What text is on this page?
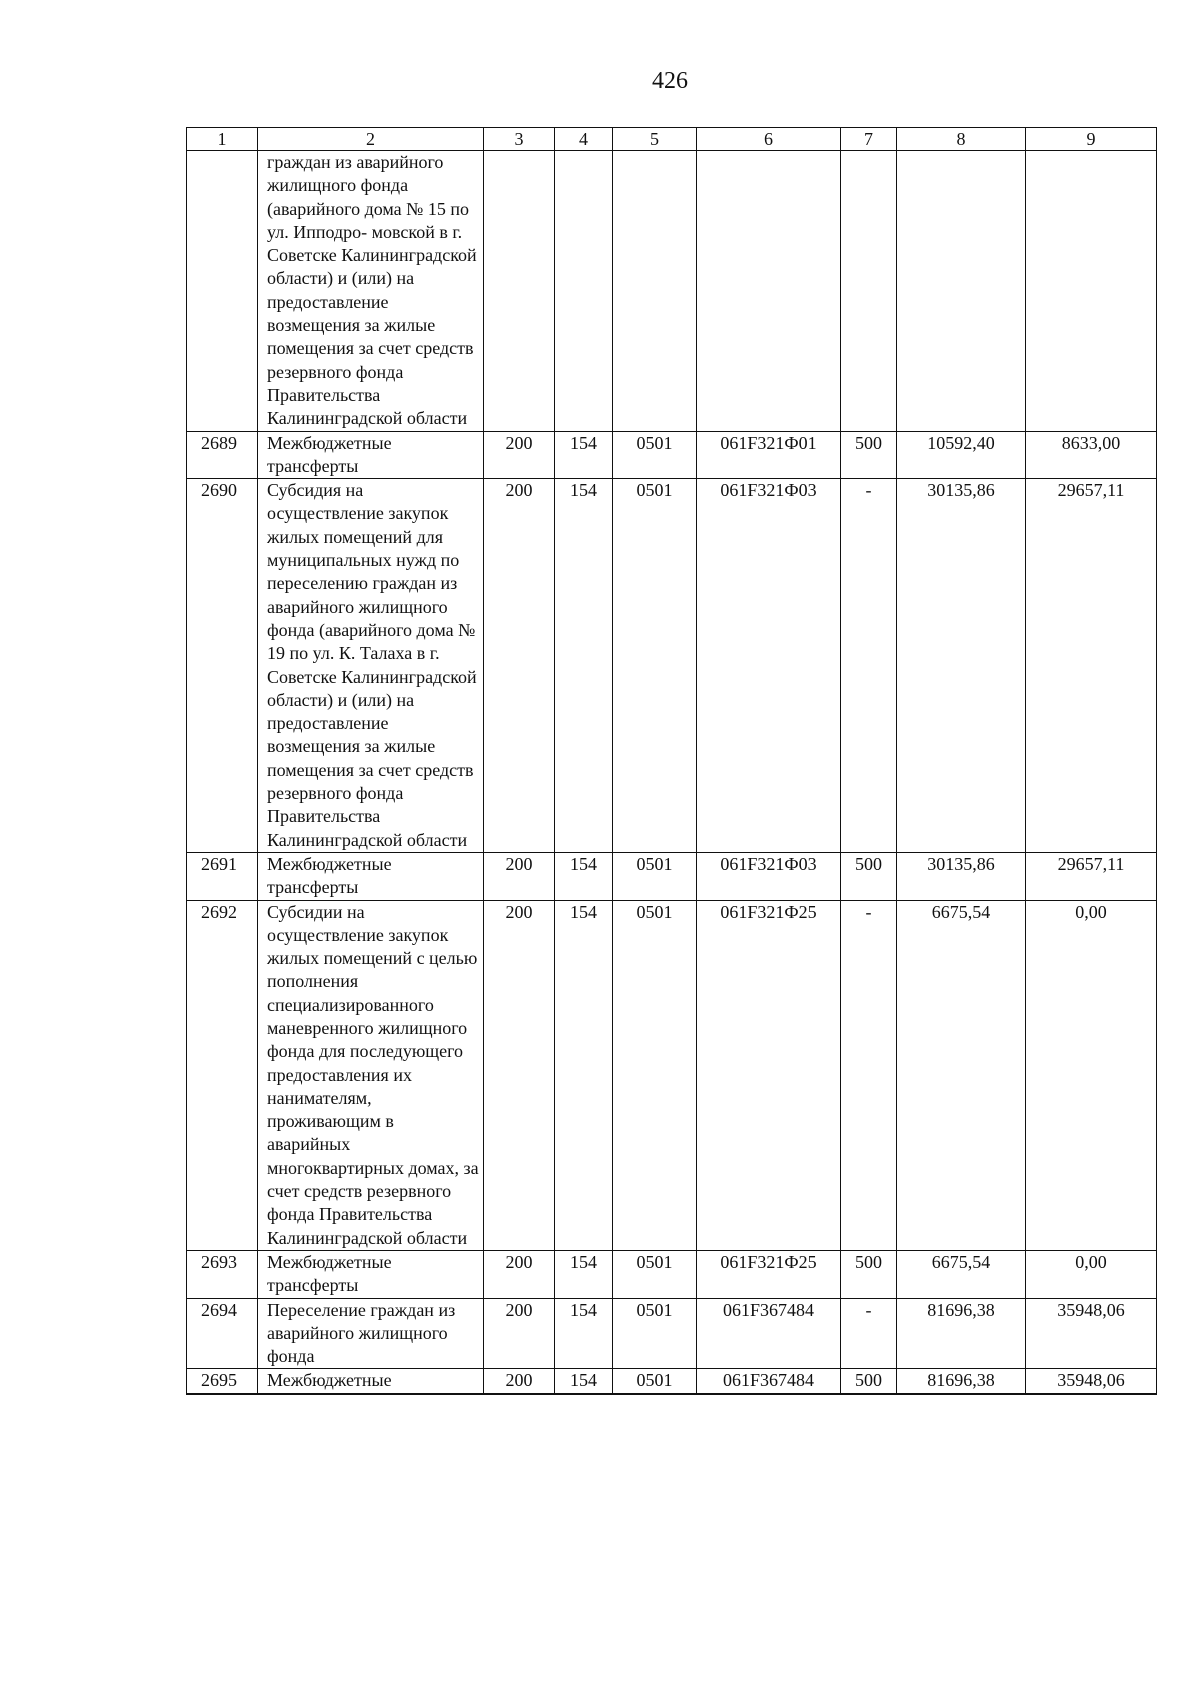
426
1	2	3	4	5	6	7	8	9
	граждан из аварийного жилищного фонда (аварийного дома № 15 по ул. Ипподро- мовской в г. Советске Калининградской области) и (или) на предоставление возмещения за жилые помещения за счет средств резервного фонда Правительства Калининградской области							
2689	Межбюджетные трансферты	200	154	0501	061F321Ф01	500	10592,40	8633,00
2690	Субсидия на осуществление закупок жилых помещений для муниципальных нужд по переселению граждан из аварийного жилищного фонда (аварийного дома № 19 по ул. К. Талаха в г. Советске Калининградской области) и (или) на предоставление возмещения за жилые помещения за счет средств резервного фонда Правительства Калининградской области	200	154	0501	061F321Ф03	-	30135,86	29657,11
2691	Межбюджетные трансферты	200	154	0501	061F321Ф03	500	30135,86	29657,11
2692	Субсидии на осуществление закупок жилых помещений с целью пополнения специализированного маневренного жилищного фонда для последующего предоставления их нанимателям, проживающим в аварийных многоквартирных домах, за счет средств резервного фонда Правительства Калининградской области	200	154	0501	061F321Ф25	-	6675,54	0,00
2693	Межбюджетные трансферты	200	154	0501	061F321Ф25	500	6675,54	0,00
2694	Переселение граждан из аварийного жилищного фонда	200	154	0501	061F367484	-	81696,38	35948,06
2695	Межбюджетные	200	154	0501	061F367484	500	81696,38	35948,06
